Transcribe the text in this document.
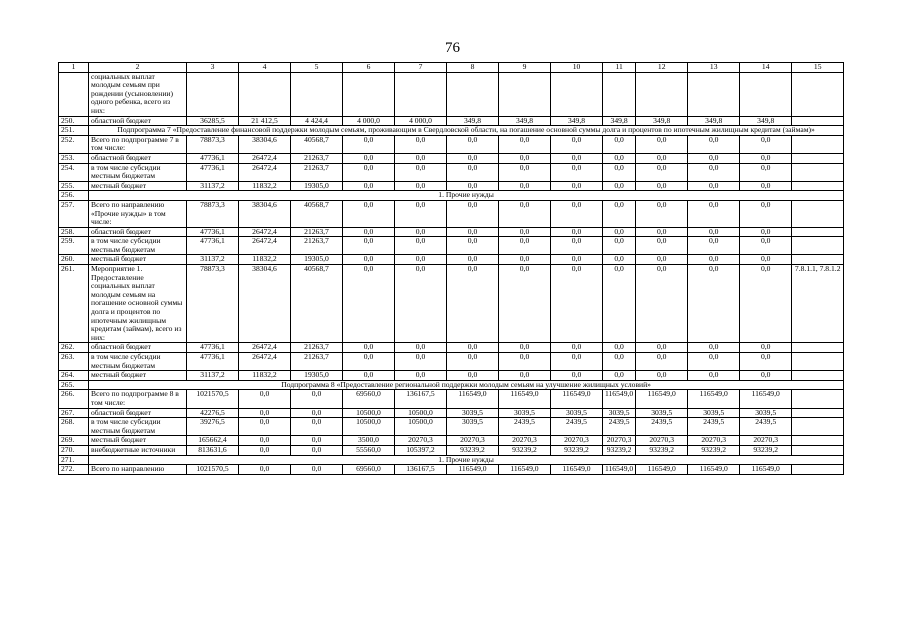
76
1	2	3	4	5	6	7	8	9	10	11	12	13	14	15
	социальных выплат молодым семьям при рождении (усыновлении) одного ребенка, всего из них:													
250.	областной бюджет	36285,5	21 412,5	4 424,4	4 000,0	4 000,0	349,8	349,8	349,8	349,8	349,8	349,8	349,8	
251.	Подпрограмма 7 «Предоставление финансовой поддержки молодым семьям, проживающим в Свердловской области, на погашение основной суммы долга и процентов по ипотечным жилищным кредитам (займам)»													
252.	Всего по подпрограмме 7 в том числе:	78873,3	38304,6	40568,7	0,0	0,0	0,0	0,0	0,0	0,0	0,0	0,0	0,0	
253.	областной бюджет	47736,1	26472,4	21263,7	0,0	0,0	0,0	0,0	0,0	0,0	0,0	0,0	0,0	
254.	в том числе субсидии местным бюджетам	47736,1	26472,4	21263,7	0,0	0,0	0,0	0,0	0,0	0,0	0,0	0,0	0,0	
255.	местный бюджет	31137,2	11832,2	19305,0	0,0	0,0	0,0	0,0	0,0	0,0	0,0	0,0	0,0	
256.	1. Прочие нужды													
257.	Всего по направлению «Прочие нужды» в том числе:	78873,3	38304,6	40568,7	0,0	0,0	0,0	0,0	0,0	0,0	0,0	0,0	0,0	
258.	областной бюджет	47736,1	26472,4	21263,7	0,0	0,0	0,0	0,0	0,0	0,0	0,0	0,0	0,0	
259.	в том числе субсидии местным бюджетам	47736,1	26472,4	21263,7	0,0	0,0	0,0	0,0	0,0	0,0	0,0	0,0	0,0	
260.	местный бюджет	31137,2	11832,2	19305,0	0,0	0,0	0,0	0,0	0,0	0,0	0,0	0,0	0,0	
261.	Мероприятие 1. Предоставление социальных выплат молодым семьям на погашение основной суммы долга и процентов по ипотечным жилищным кредитам (займам), всего из них:	78873,3	38304,6	40568,7	0,0	0,0	0,0	0,0	0,0	0,0	0,0	0,0	0,0	7.8.1.1, 7.8.1.2
262.	областной бюджет	47736,1	26472,4	21263,7	0,0	0,0	0,0	0,0	0,0	0,0	0,0	0,0	0,0	
263.	в том числе субсидии местным бюджетам	47736,1	26472,4	21263,7	0,0	0,0	0,0	0,0	0,0	0,0	0,0	0,0	0,0	
264.	местный бюджет	31137,2	11832,2	19305,0	0,0	0,0	0,0	0,0	0,0	0,0	0,0	0,0	0,0	
265.	Подпрограмма 8 «Предоставление региональной поддержки молодым семьям на улучшение жилищных условий»													
266.	Всего по подпрограмме 8 в том числе:	1021570,5	0,0	0,0	69560,0	136167,5	116549,0	116549,0	116549,0	116549,0	116549,0	116549,0	116549,0	
267.	областной бюджет	42276,5	0,0	0,0	10500,0	10500,0	3039,5	3039,5	3039,5	3039,5	3039,5	3039,5	3039,5	
268.	в том числе субсидии местным бюджетам	39276,5	0,0	0,0	10500,0	10500,0	3039,5	2439,5	2439,5	2439,5	2439,5	2439,5	2439,5	
269.	местный бюджет	165662,4	0,0	0,0	3500,0	20270,3	20270,3	20270,3	20270,3	20270,3	20270,3	20270,3	20270,3	
270.	внебюджетные источники	813631,6	0,0	0,0	55560,0	105397,2	93239,2	93239,2	93239,2	93239,2	93239,2	93239,2	93239,2	
271.	1. Прочие нужды													
272.	Всего по направлению	1021570,5	0,0	0,0	69560,0	136167,5	116549,0	116549,0	116549,0	116549,0	116549,0	116549,0	116549,0	
